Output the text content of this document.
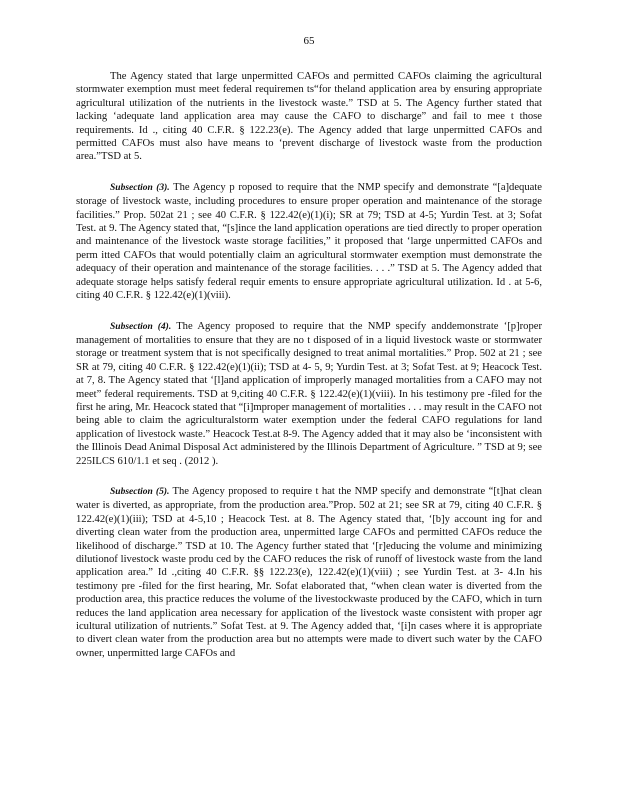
65

The Agency stated that large unpermitted CAFOs and permitted CAFOs claiming the agricultural stormwater exemption must meet federal requiremen ts“for theland application area by ensuring appropriate agricultural utilization of the nutrients in the livestock waste.” TSD at 5. The Agency further stated that lacking ‘adequate land application area may cause the CAFO to discharge” and fail to mee t those requirements. Id ., citing 40 C.F.R. § 122.23(e). The Agency added that large unpermitted CAFOs and permitted CAFOs must also have means to ‘prevent discharge of livestock waste from the production area.”TSD at 5.

Subsection (3). The Agency p roposed to require that the NMP specify and demonstrate “[a]dequate storage of livestock waste, including procedures to ensure proper operation and maintenance of the storage facilities.” Prop. 502at 21 ; see 40 C.F.R. § 122.42(e)(1)(i); SR at 79; TSD at 4-5; Yurdin Test. at 3; Sofat Test. at 9. The Agency stated that, “[s]ince the land application operations are tied directly to proper operation and maintenance of the livestock waste storage facilities,” it proposed that ‘large unpermitted CAFOs and perm itted CAFOs that would potentially claim an agricultural stormwater exemption must demonstrate the adequacy of their operation and maintenance of the storage facilities. . . .” TSD at 5. The Agency added that adequate storage helps satisfy federal requir ements to ensure appropriate agricultural utilization. Id . at 5-6, citing 40 C.F.R. § 122.42(e)(1)(viii).

Subsection (4). The Agency proposed to require that the NMP specify anddemonstrate ‘[p]roper management of mortalities to ensure that they are no t disposed of in a liquid livestock waste or stormwater storage or treatment system that is not specifically designed to treat animal mortalities.” Prop. 502 at 21 ; see SR at 79, citing 40 C.F.R. § 122.42(e)(1)(ii); TSD at 4- 5, 9; Yurdin Test. at 3; Sofat Test. at 9; Heacock Test. at 7, 8. The Agency stated that ‘[l]and application of improperly managed mortalities from a CAFO may not meet” federal requirements. TSD at 9,citing 40 C.F.R. § 122.42(e)(1)(viii). In his testimony pre -filed for the first he aring, Mr. Heacock stated that “[i]mproper management of mortalities . . . may result in the CAFO not being able to claim the agriculturalstorm water exemption under the federal CAFO regulations for land application of livestock waste.” Heacock Test.at 8-9. The Agency added that it may also be ‘inconsistent with the Illinois Dead Animal Disposal Act administered by the Illinois Department of Agriculture. ” TSD at 9; see 225ILCS 610/1.1 et seq . (2012 ).

Subsection (5). The Agency proposed to require t hat the NMP specify and demonstrate “[t]hat clean water is diverted, as appropriate, from the production area.”Prop. 502 at 21; see SR at 79, citing 40 C.F.R. § 122.42(e)(1)(iii); TSD at 4-5,10 ; Heacock Test. at 8. The Agency stated that, ‘[b]y account ing for and diverting clean water from the production area, unpermitted large CAFOs and permitted CAFOs reduce the likelihood of discharge.” TSD at 10. The Agency further stated that ‘[r]educing the volume and minimizing dilutionof livestock waste produ ced by the CAFO reduces the risk of runoff of livestock waste from the land application area.” Id .,citing 40 C.F.R. §§ 122.23(e), 122.42(e)(1)(viii) ; see Yurdin Test. at 3- 4.In his testimony pre -filed for the first hearing, Mr. Sofat elaborated that, “when clean water is diverted from the production area, this practice reduces the volume of the livestockwaste produced by the CAFO, which in turn reduces the land application area necessary for application of the livestock waste consistent with proper agr icultural utilization of nutrients.” Sofat Test. at 9. The Agency added that, ‘[i]n cases where it is appropriate to divert clean water from the production area but no attempts were made to divert such water by the CAFO owner, unpermitted large CAFOs and
